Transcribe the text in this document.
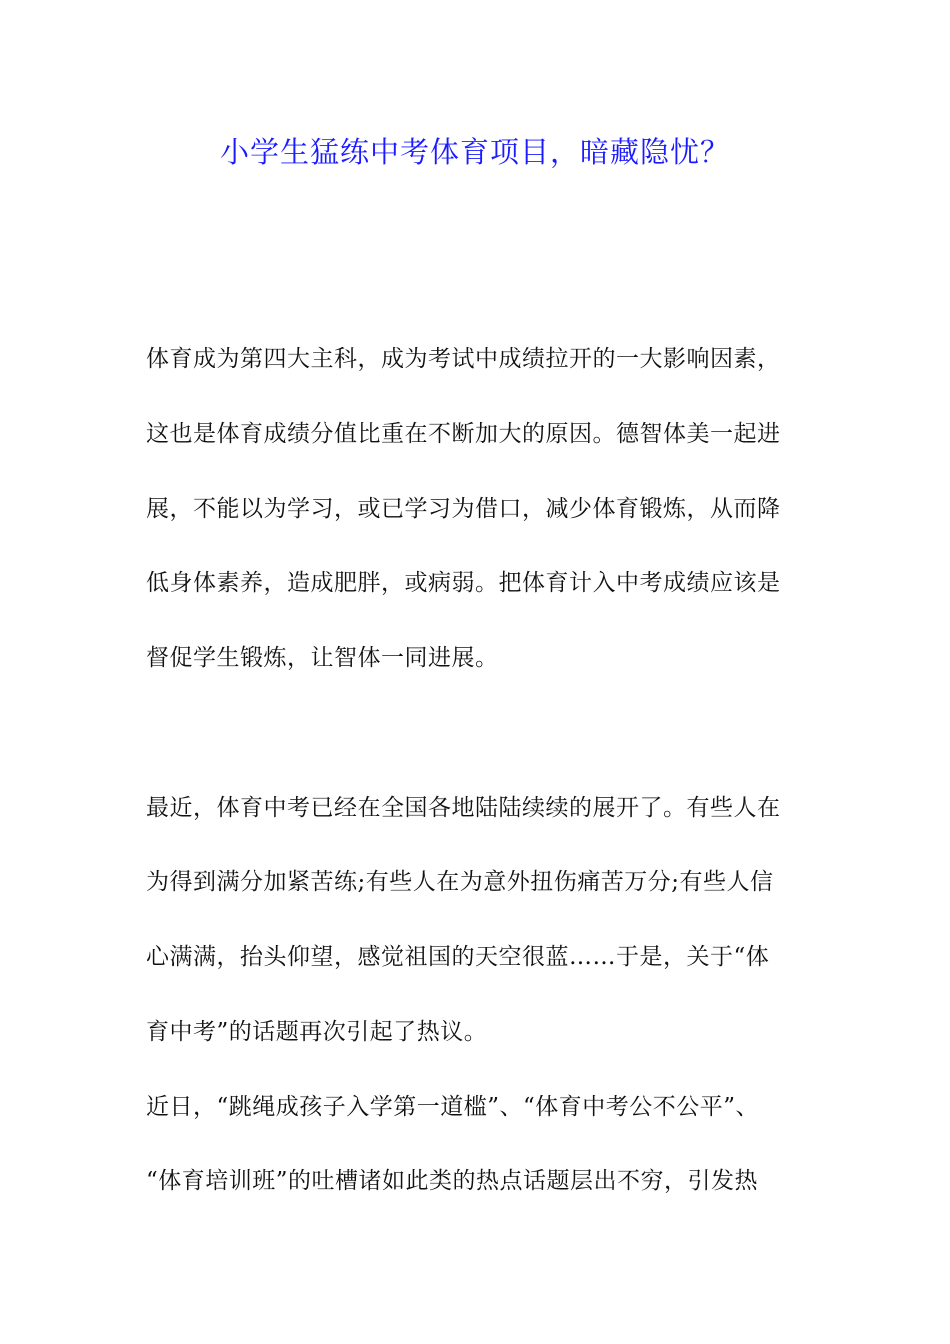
小学生猛练中考体育项目，暗藏隐忧？
体育成为第四大主科，成为考试中成绩拉开的一大影响因素，
这也是体育成绩分值比重在不断加大的原因。德智体美一起进
展，不能以为学习，或已学习为借口，减少体育锻炼，从而降
低身体素养，造成肥胖，或病弱。把体育计入中考成绩应该是
督促学生锻炼，让智体一同进展。
最近，体育中考已经在全国各地陆陆续续的展开了。有些人在
为得到满分加紧苦练;有些人在为意外扭伤痛苦万分;有些人信
心满满，抬头仰望，感觉祖国的天空很蓝……于是，关于“体
育中考”的话题再次引起了热议。
近日，“跳绳成孩子入学第一道槛”、“体育中考公不公平”、
“体育培训班”的吐槽诸如此类的热点话题层出不穷，引发热
